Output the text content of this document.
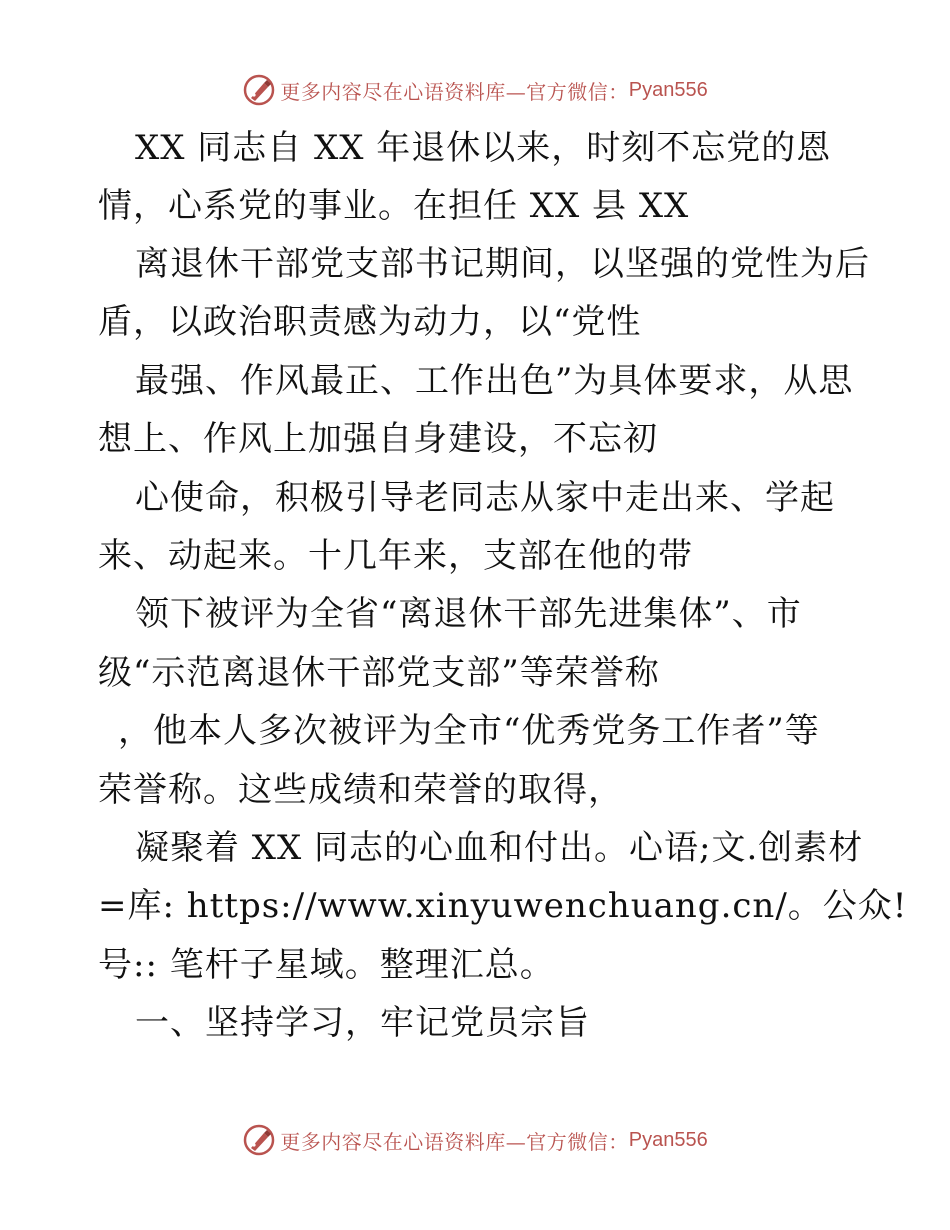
更多内容尽在心语资料库—官方微信： Pyan556
XX 同志自 XX 年退休以来，时刻不忘党的恩
情，心系党的事业。在担任 XX 县 XX
离退休干部党支部书记期间，以坚强的党性为后
盾，以政治职责感为动力，以“党性
最强、作风最正、工作出色”为具体要求，从思
想上、作风上加强自身建设，不忘初
心使命，积极引导老同志从家中走出来、学起
来、动起来。十几年来，支部在他的带
领下被评为全省“离退休干部先进集体”、市
级“示范离退休干部党支部”等荣誉称
，他本人多次被评为全市“优秀党务工作者”等
荣誉称。这些成绩和荣誉的取得，
凝聚着 XX 同志的心血和付出。心语;文.创素材
=库: https://www.xinyuwenchuang.cn/。公众!
号:: 笔杆子星域。整理汇总。
一、坚持学习，牢记党员宗旨
更多内容尽在心语资料库—官方微信： Pyan556
